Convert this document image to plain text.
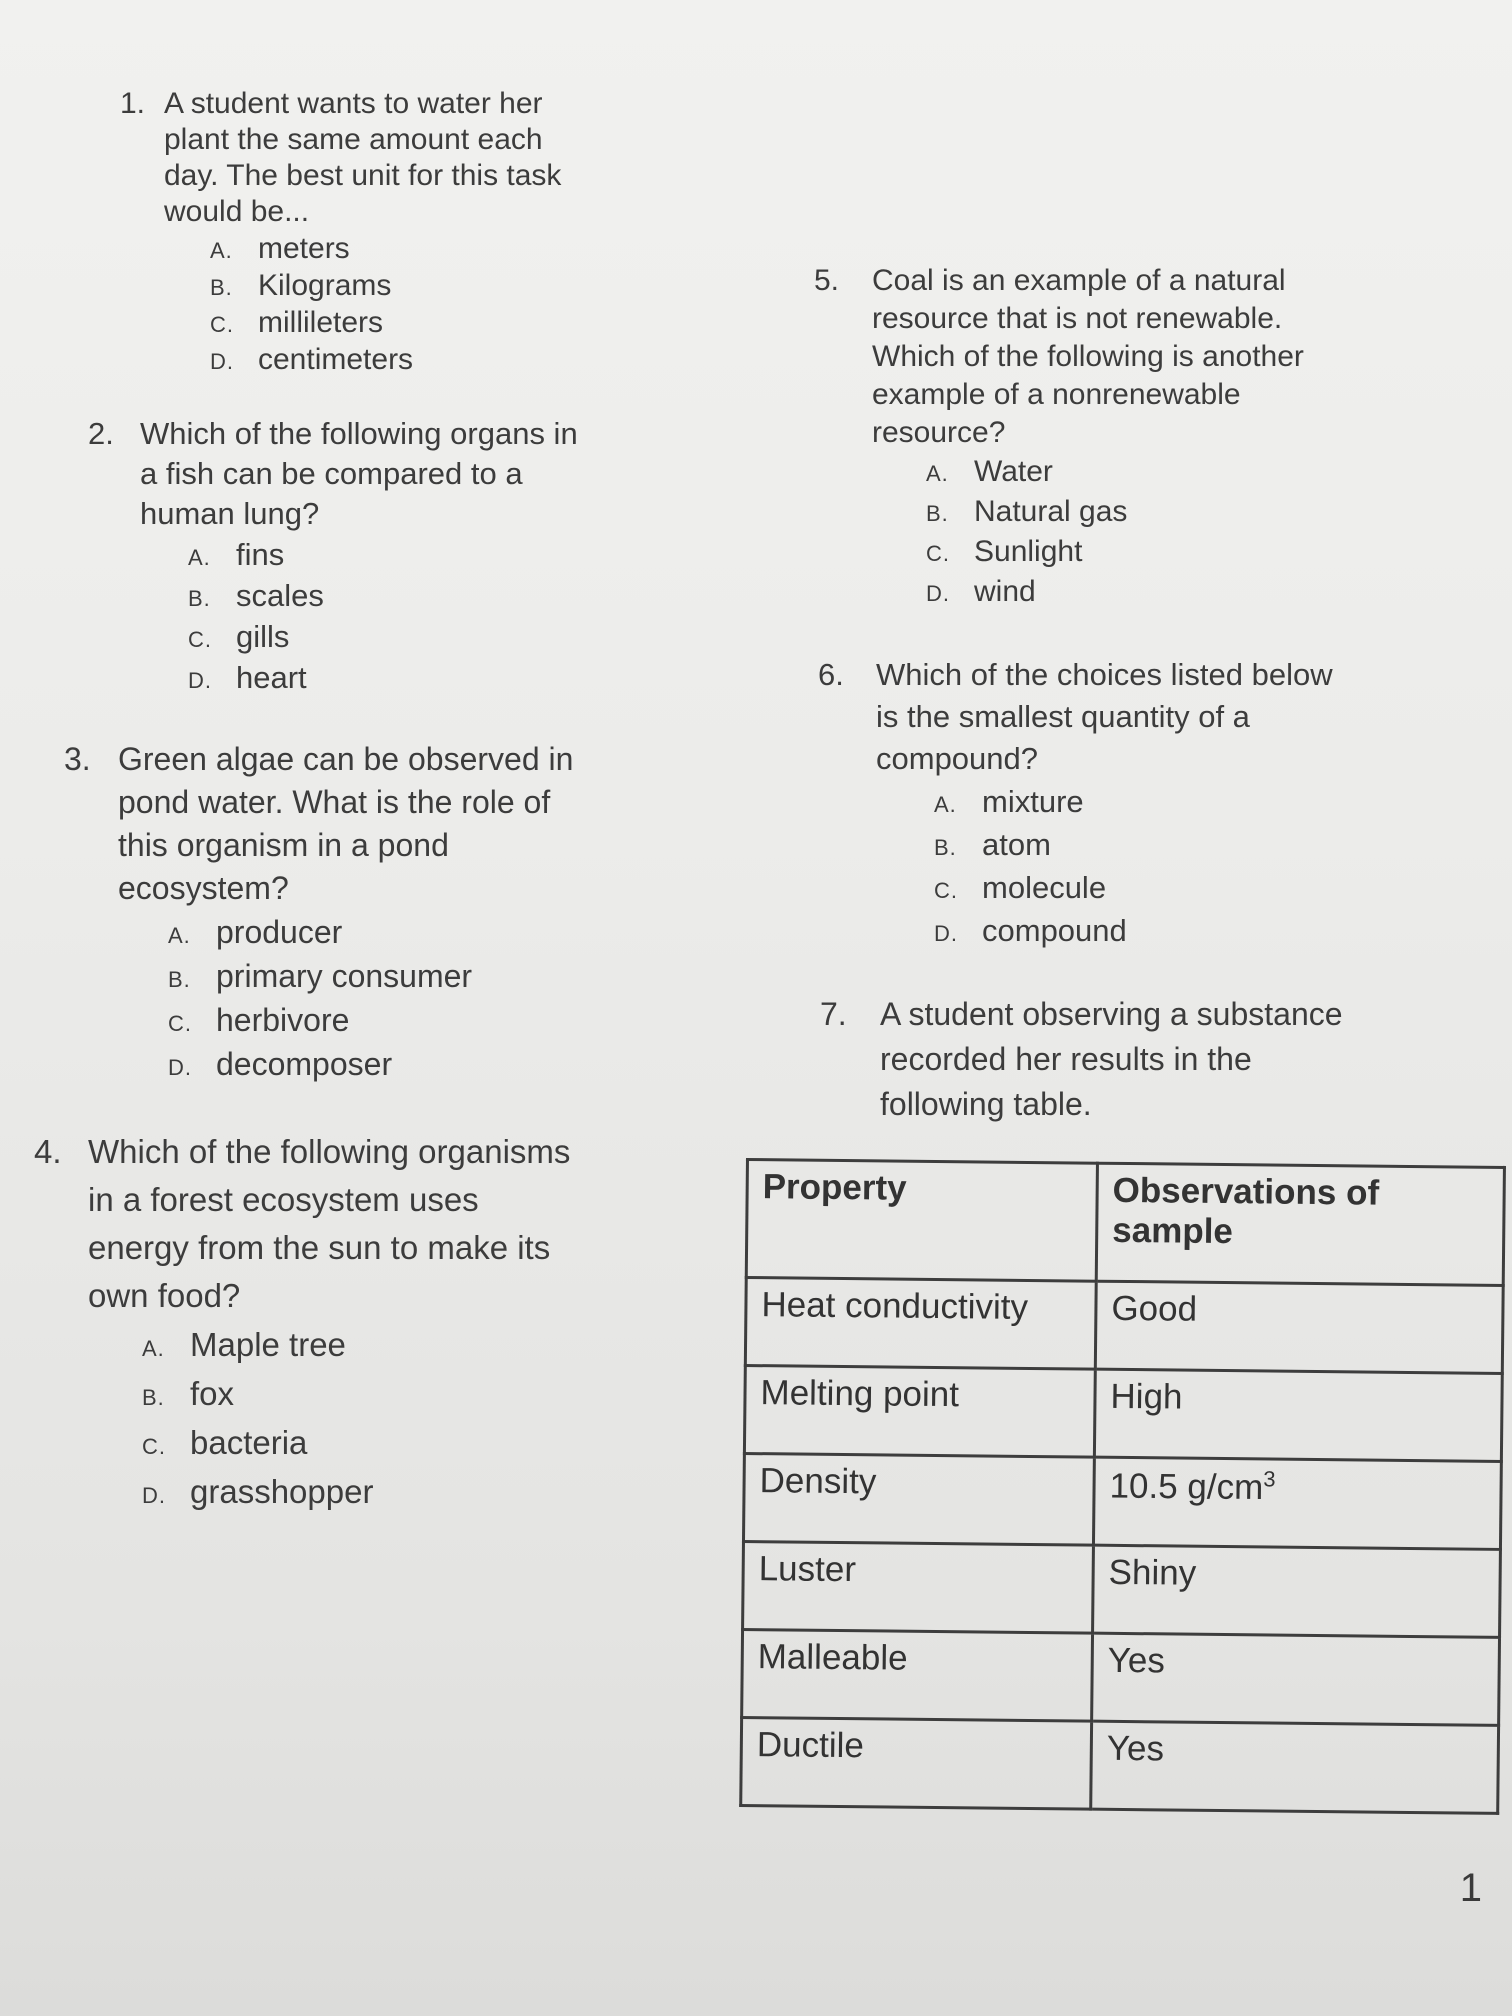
1. A student wants to water her
plant the same amount each
day. The best unit for this task
would be...
A. meters
B. Kilograms
C. millileters
D. centimeters
2. Which of the following organs in
a fish can be compared to a
human lung?
A. fins
B. scales
C. gills
D. heart
3. Green algae can be observed in
pond water. What is the role of
this organism in a pond
ecosystem?
A. producer
B. primary consumer
C. herbivore
D. decomposer
4. Which of the following organisms
in a forest ecosystem uses
energy from the sun to make its
own food?
A. Maple tree
B. fox
C. bacteria
D. grasshopper
5. Coal is an example of a natural
resource that is not renewable.
Which of the following is another
example of a nonrenewable
resource?
A. Water
B. Natural gas
C. Sunlight
D. wind
6. Which of the choices listed below
is the smallest quantity of a
compound?
A. mixture
B. atom
C. molecule
D. compound
7. A student observing a substance
recorded her results in the
following table.
Property	Observations of sample
Heat conductivity	Good
Melting point	High
Density	10.5 $g/cm^3$
Luster	Shiny
Malleable	Yes
Ductile	Yes
1
